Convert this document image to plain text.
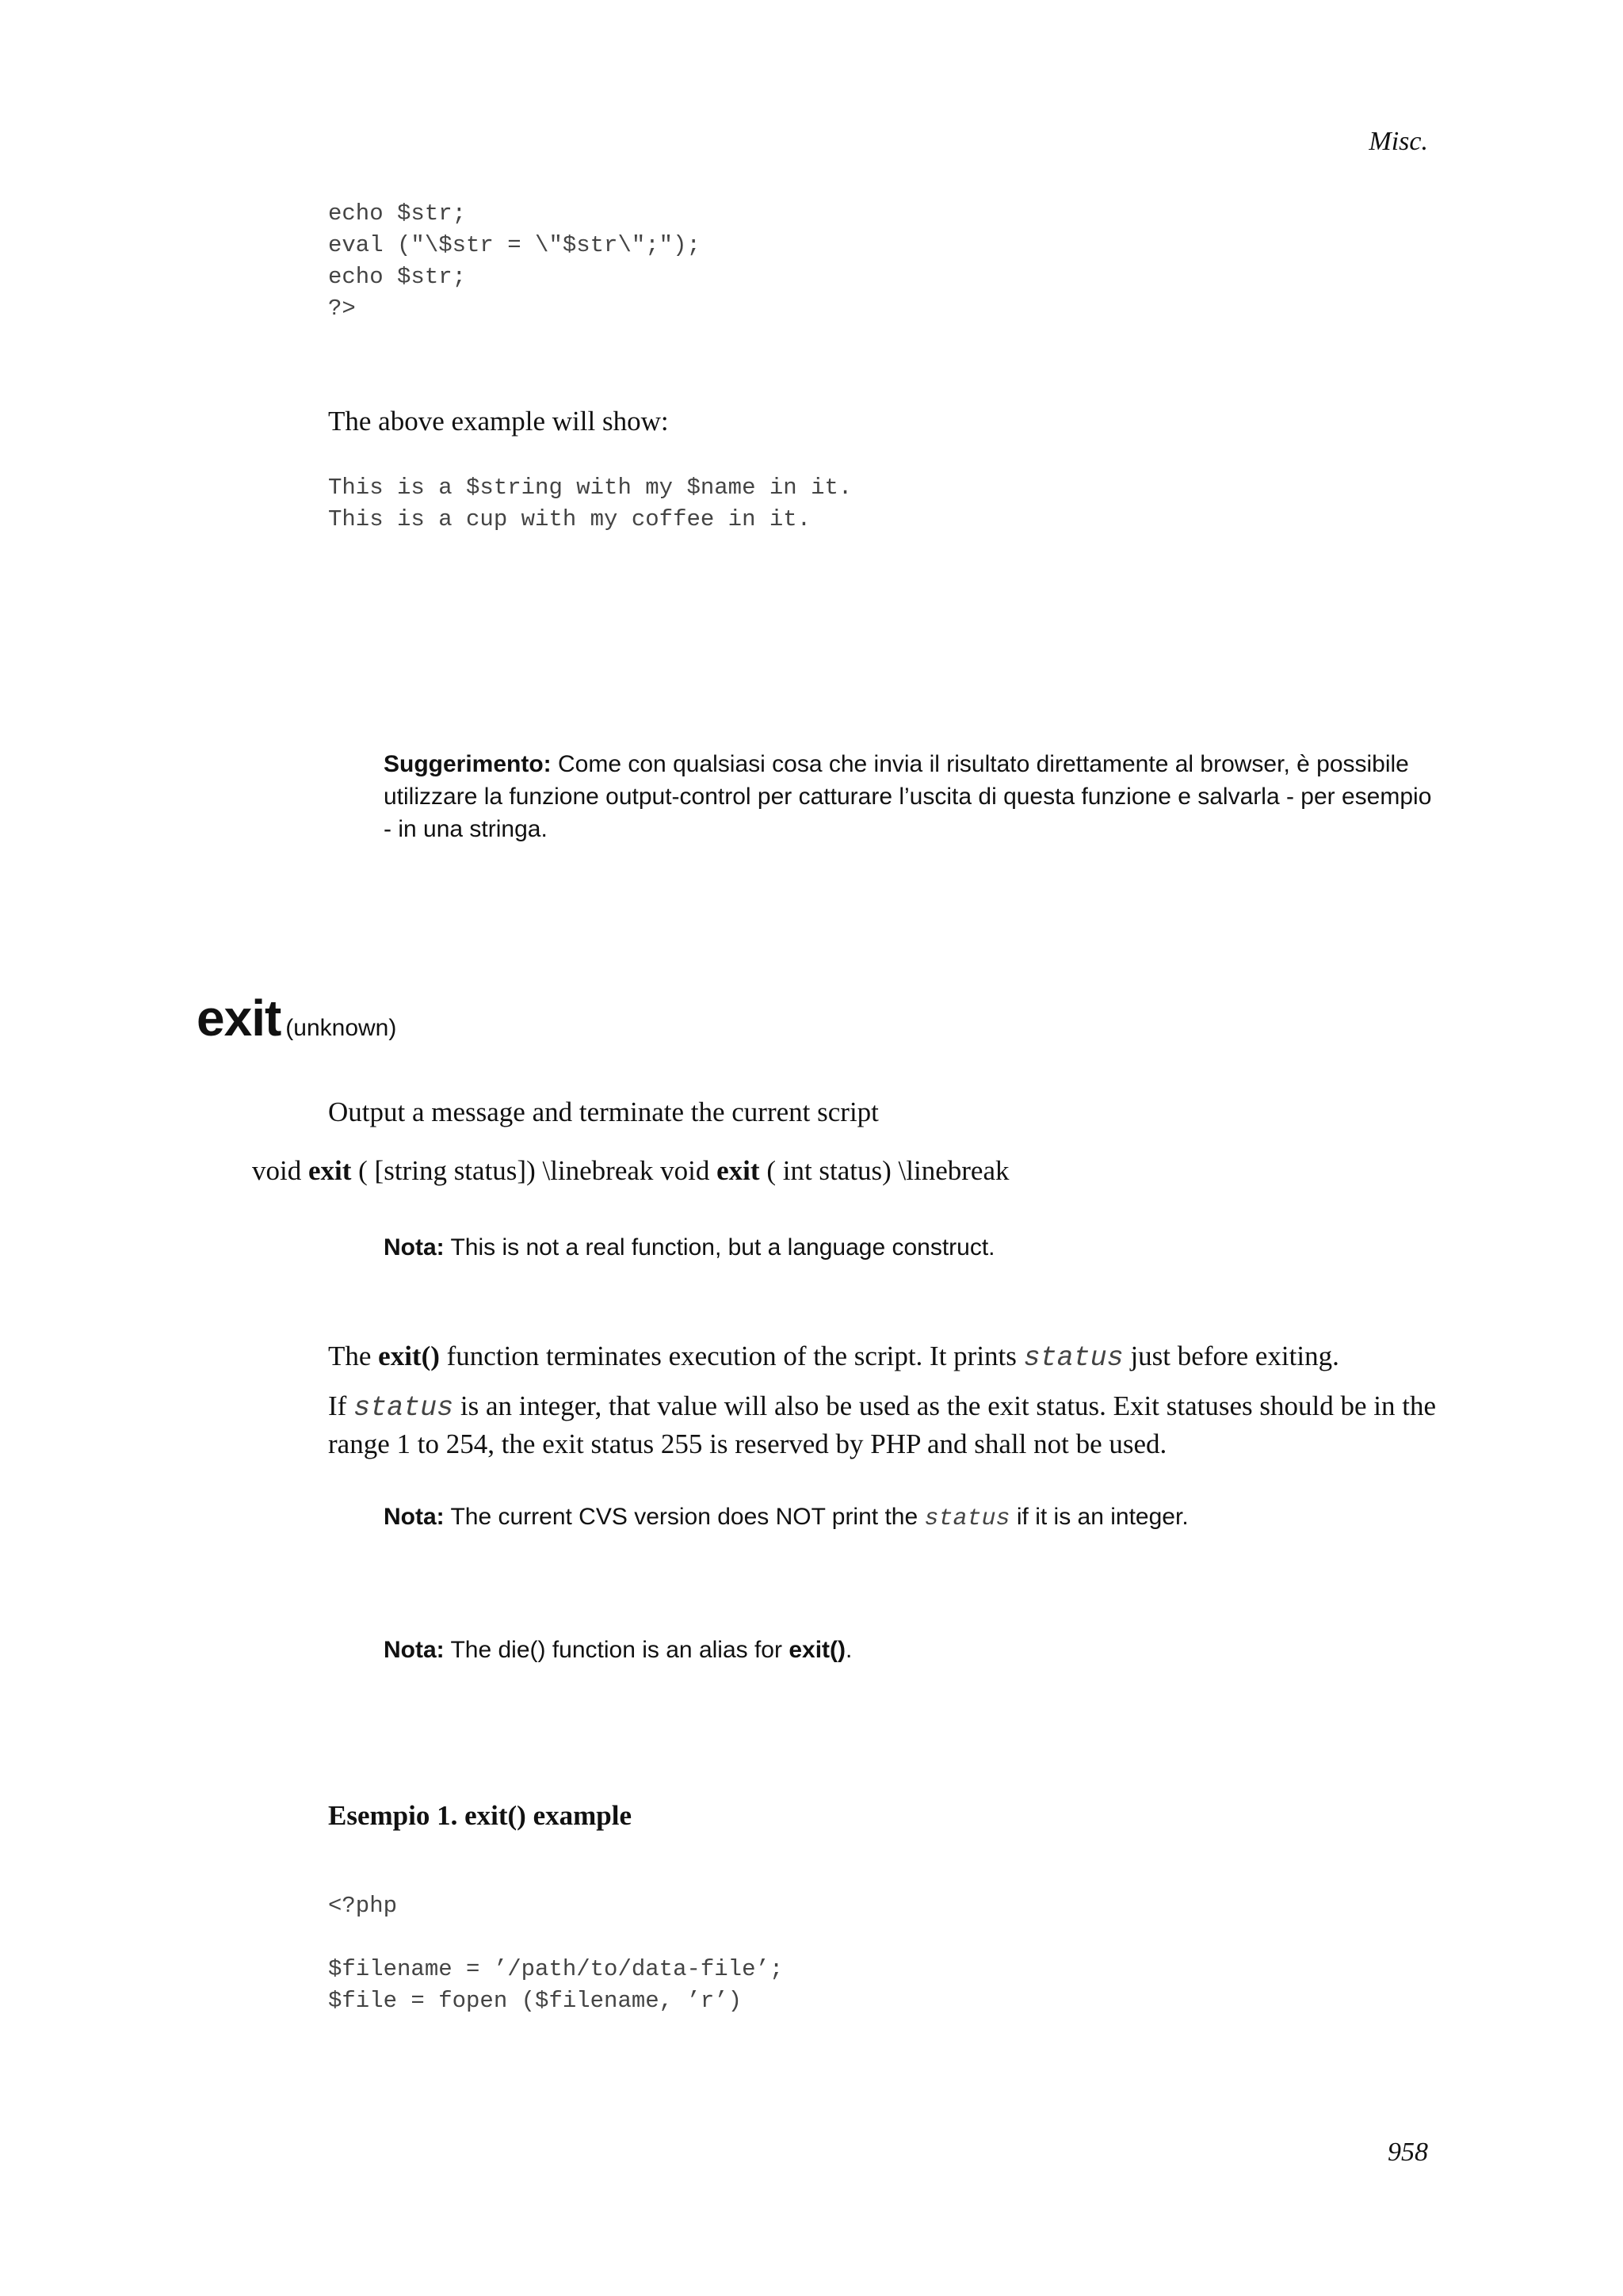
Misc.
echo $str;
eval ("\$str = \"$str\";");
echo $str;
?>
The above example will show:
This is a $string with my $name in it.
This is a cup with my coffee in it.
Suggerimento: Come con qualsiasi cosa che invia il risultato direttamente al browser, è possibile utilizzare la funzione output-control per catturare l’uscita di questa funzione e salvarla - per esempio - in una stringa.
exit (unknown)
Output a message and terminate the current script
void exit ( [string status]) \linebreak void exit ( int status) \linebreak
Nota: This is not a real function, but a language construct.
The exit() function terminates execution of the script. It prints status just before exiting.
If status is an integer, that value will also be used as the exit status. Exit statuses should be in the range 1 to 254, the exit status 255 is reserved by PHP and shall not be used.
Nota: The current CVS version does NOT print the status if it is an integer.
Nota: The die() function is an alias for exit().
Esempio 1. exit() example
<?php

$filename = ’/path/to/data-file’;
$file = fopen ($filename, ’r’)
958
